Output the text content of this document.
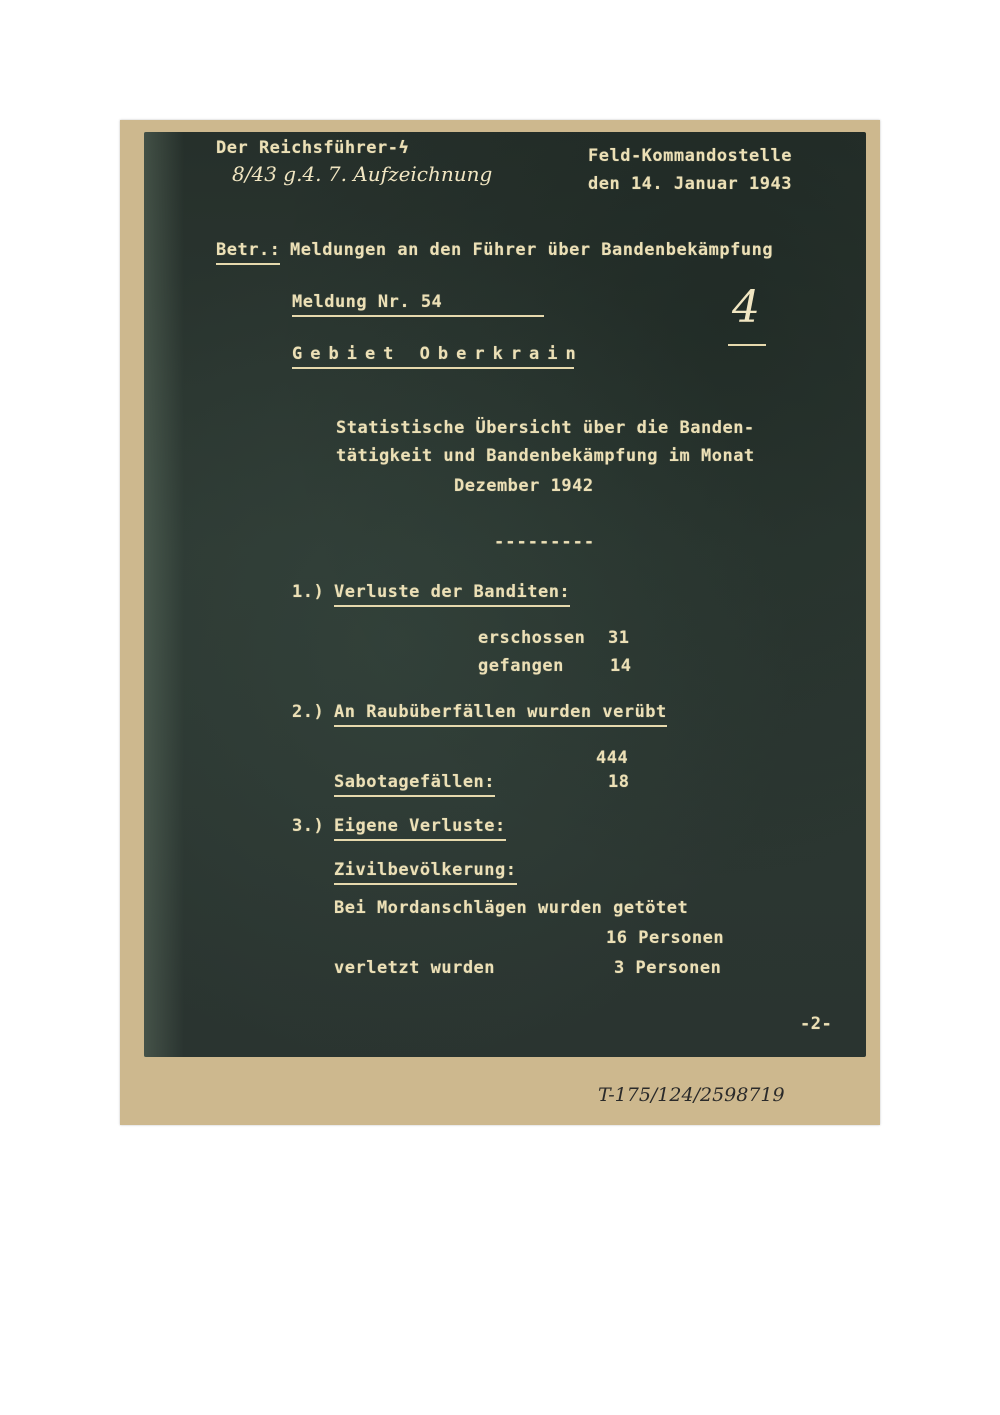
Der Reichsführer-ϟ
8/43 g.4. 7. Aufzeichnung
Feld-Kommandostelle
den 14. Januar 1943
Betr.: Meldungen an den Führer über Bandenbekämpfung
Meldung Nr. 54
Gebiet Oberkrain
4
Statistische Übersicht über die Banden-
tätigkeit und Bandenbekämpfung im Monat
Dezember 1942
---------
1.) Verluste der Banditen:
erschossen 31
gefangen	14
2.) An Raubüberfällen wurden verübt
444
Sabotagefällen:	18
3.) Eigene Verluste:
Zivilbevölkerung:
Bei Mordanschlägen wurden getötet
16 Personen
verletzt wurden	3 Personen
-2-
T-175/124/2598719
